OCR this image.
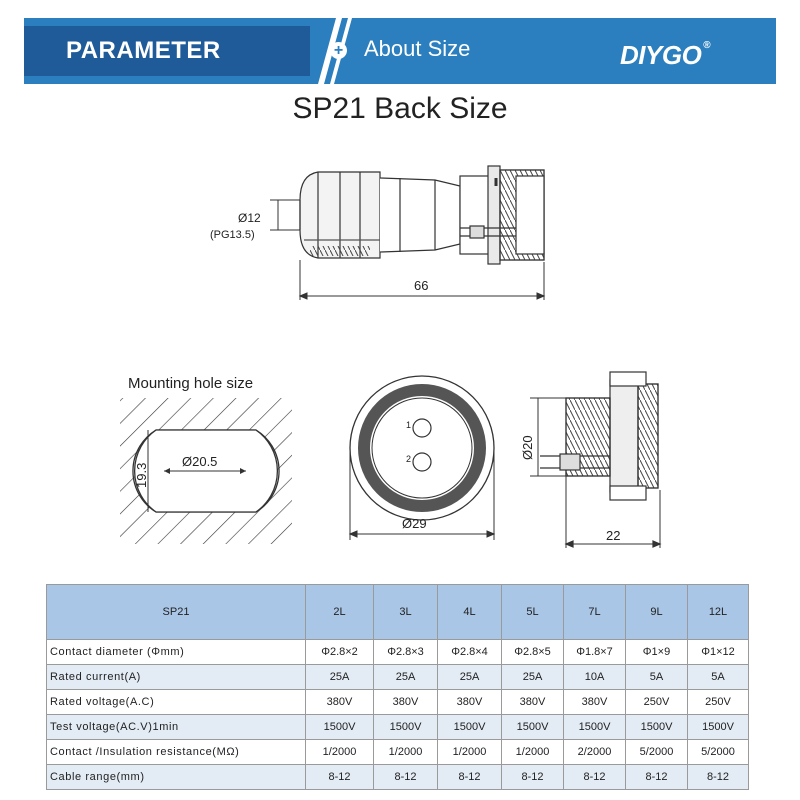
PARAMETER	+ About Size	DIYGO ®
SP21 Back Size
Ø12
(PG13.5)
66
Mounting hole size
Ø20.5
19.3
1
2
Ø29
Ø20
22
SP21	2L	3L	4L	5L	7L	9L	12L
Contact diameter (Φmm)	Φ2.8×2	Φ2.8×3	Φ2.8×4	Φ2.8×5	Φ1.8×7	Φ1×9	Φ1×12
Rated current(A)	25A	25A	25A	25A	10A	5A	5A
Rated voltage(A.C)	380V	380V	380V	380V	380V	250V	250V
Test voltage(AC.V)1min	1500V	1500V	1500V	1500V	1500V	1500V	1500V
Contact /Insulation resistance(MΩ)	1/2000	1/2000	1/2000	1/2000	2/2000	5/2000	5/2000
Cable range(mm)	8-12	8-12	8-12	8-12	8-12	8-12	8-12
